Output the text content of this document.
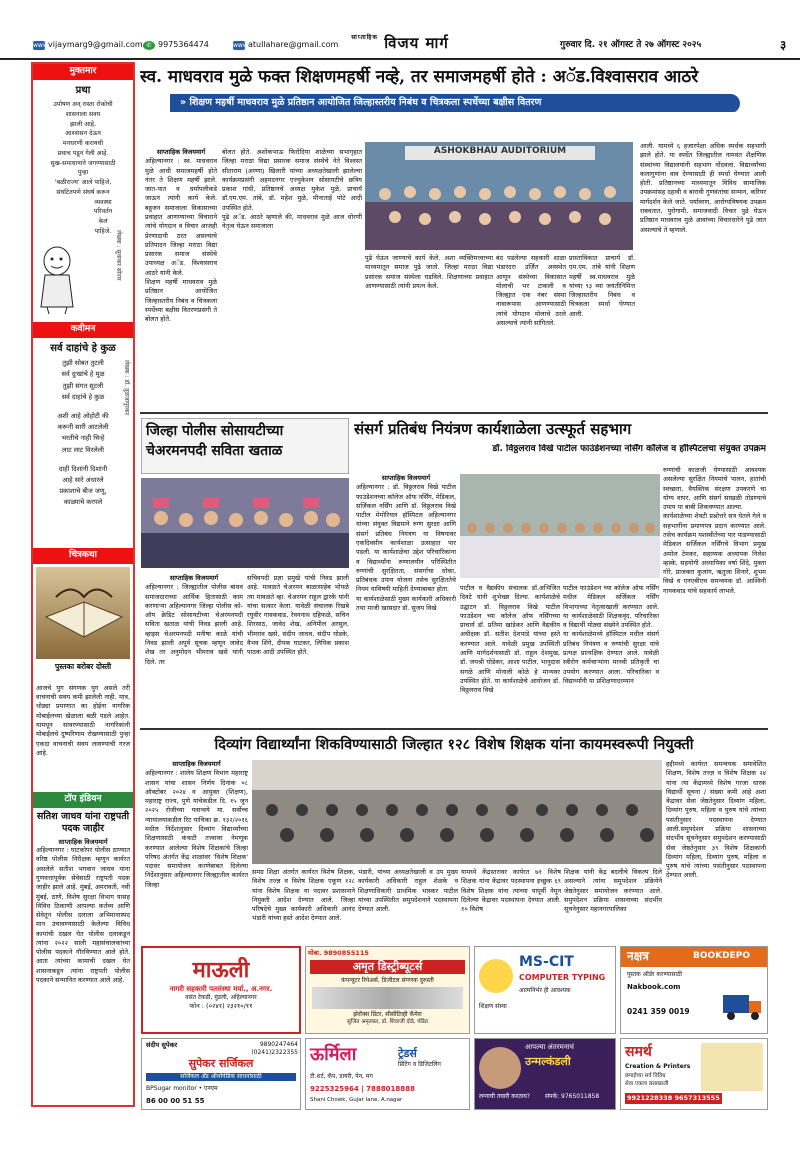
www vijaymarg9@gmail.com ✆ 9975364474	www atullahare@gmail.com
$^{साप्ताहिक}$ विजय मार्ग	गुरुवार दि. २१ ऑगस्ट ते २७ ऑगस्ट २०२५	३
मुक्तमार
प्रथा
उपोषण अन् रास्ता रोकोची
शासनाला सवय
झाली आहे,
आश्वासन देऊन
मनधरणी करायची
प्रथाच पडून गेली आहे.
सुख-समाधानाने जगण्यासाठी
पुन्हा
'बळीराज्य' आले पाहिजे,
संघटितपणे संघर्ष करून
व्यवस्था
परिवर्तन
केलं
पाहिजे. लेखक : सुधाकर सोनार
कवीमन
सर्व दाहांचे हे कुळ
तुझी सोबत तुटली
सर्व दुःखांचे हे मूळ
तुझी संगत सुटली
सर्व दाहांचे हे कुळ
अशी आहे ओहोटी की
करूनी सारी आटलेली
भरतीचे नाही चिन्हे
लाट लाट विरलेली
दाही दिशांनी दिशांनी
आहे सारे अंधारले
प्रकाशाचे बीज जणू,
काळ्याचे करपले
लेखक : डॉ. तुळजापूरकर
चित्रकथा
पुस्तका बरोबर दोस्ती
आजचे युग संगणक युग असले तरी वाचनाची सवय कमी झालेली नाही. मात्र, थोड्या प्रमाणात का होईना नागरिक मोबाईलच्या खेळाला बळी पडले आहेत. यामधून सावरण्यासाठी नागरिकांनी मोबाईलचे दुष्परिणाम रोखण्यासाठी पुन्हा एकदा वाचनाची सवय लावण्याची गरज आहे.
टॉप इंडियन
सतिश जाधव यांना राष्ट्रपती पदक जाहीर
साप्ताहिक विजयमार्ग
अहिल्यानगर : घाटकोपर पोलीस ठाण्यात वरिष्ठ पोलीस निरीक्षक म्हणून कार्यरत असलेले सतीश भगवान जाधव यांना गुणवत्तापूर्वक सेवेसाठी राष्ट्रपती पदक जाहीर झाले आहे. मुंबई, अमरावती, नवी मुंबई, ठाणे, विशेष सुरक्षा विभाग यासह विविध ठिकाणी आपल्या कर्तव्य आणि सेवेतून पोलीस दलाला अभिमानास्पद मान उंचावण्यासाठी केलेल्या विविध कामांची दखल घेत पोलीस दलाकडून त्यांना २०२२ साली महासंचालकांच्या पोलीस पदकाने गौरविण्यात आले होते. आता त्यांच्या कामाची दखल घेत शासनाकडून त्यांना राष्ट्रपती पोलीस पदकाने सन्मानित करण्यात आले आहे.
स्व. माधवराव मुळे फक्त शिक्षणमहर्षी नव्हे, तर समाजमहर्षी होते : अॅड.विश्वासराव आठरे
» शिक्षण महर्षी माधवराव मुळे प्रतिष्ठान आयोजित जिल्हास्तरीय निबंध व चित्रकला स्पर्धेच्या बक्षीस वितरण
साप्ताहिक विजयमार्ग
अहिल्यानगर : स्व. माधवराव मुळे आधी समाजमहर्षी होते नंतर ते शिक्षण महर्षी झाले. जात-पात व धर्मापलीकडे जाऊन त्यांनी कार्य केले. बहुजन समाजाला विकासाच्या प्रवाहात आणण्याच्या विचाराने त्यांचे योगदान व विचार आजही प्रेरणादायी ठरत असल्याचे प्रतिपादन जिल्हा मराठा विद्या प्रसारक समाज संस्थेचे उपाध्यक्ष अॅड. विश्वासराव आठरे यांनी केले.
शिक्षण महर्षी माधवराव मुळे प्रतिष्ठान आयोजित जिल्हास्तरीय निबंध व चित्रकला स्पर्धेच्या बक्षीस वितरणप्रसंगी ते बोलत होते.
बोलत होते. अशोकभाऊ फिरोदिया शाळेच्या सभागृहात जिल्हा मराठा विद्या प्रसारक समाज संस्थेचे नेते विश्वस्त सीताराम (अण्णा) खिलारी यांच्या अध्यक्षतेखाली झालेल्या कार्यक्रमप्रसंगी अहमदनगर एज्युकेशन सोसायटीचे छत्रिय प्रकाश गांधी, प्रतिष्ठानचे अध्यक्ष मुकेश मुळे, प्राचार्य डॉ.एम.एम. तांबे, डॉ. महेश मुळे, मीनाताई पोटे आदी उपस्थित होते.
पुढे अॅड. आठरे म्हणाले की, माधवराव मुळे आज धोरणी नेतृत्व घेऊन समाजाला
ASHOKBHAU AUDITORIUM
पुढे घेऊन जाण्याचे कार्य केले. अशा व्यक्तिमत्त्वाच्या माध्यमातून समाज पुढे जातो. जिल्हा मराठा विद्या प्रसारक समाज संस्थेला घडविले. शिक्षणाच्या प्रवाहात आणण्यासाठी त्यांनी प्रयत्न केले.
बंद पडलेल्या सहकारी शाळा भंडारदरा उर्जित अवस्थेत आणून संस्थेच्या विकासात मोलाची भर टाकली व जिल्ह्यात एक नंबर संस्था नावारूपास आणण्यासाठी त्यांचे योगदान मोलाचे ठरले असल्याचे त्यांनी सांगितले.
प्रास्ताविकात प्राचार्य डॉ. एम.एम. तांबे यांनी शिक्षण महर्षी स्व.माधवराव मुळे यांच्या ९३ व्या जयंतीनिमित्त जिल्हास्तरीय निबंध व चित्रकला स्पर्धा घेण्यात आली.
आली. यामध्ये ६ हजारपेक्षा अधिक स्पर्धक सहभागी झाले होते. या स्पर्धेत जिल्ह्यातील नामवंत शैक्षणिक संस्थांच्या विद्यालयांनी सहभाग नोंदवला. विद्यार्थ्यांच्या कलागुणांना वाव देण्यासाठी ही स्पर्धा घेण्यात आली होती. प्रतिष्ठानच्या माध्यमातून विविध सामाजिक उपक्रमांसह दहावी व बारावी गुणवंतांचा सन्मान, करियर मार्गदर्शन केले जाते. पर्यावरण, आरोग्यविषयक उपक्रम राबवतात, पुरोगामी, समाजवादी विचार पुढे घेऊन प्रतिष्ठान माधवराव मुळे आवांच्या विचारधारेने पुढे जात असल्याचे ते म्हणाले.
जिल्हा पोलीस सोसायटीच्या चेअरमनपदी सविता खताळ
साप्ताहिक विजयमार्ग
अहिल्यानगर : जिल्ह्यातील पोलीस बांधव समाजदाराच्या आर्थिक हितासाठी काम करणाऱ्या अहिल्यानगर जिल्हा पोलीस को-ऑप क्रेडिट सोसायटीच्या चेअरमनपदी सविता खताळ यांची निवड झाली आहे. व्हाइस चेअरमनपदी मनीषा काळे यांची निवड झाली अपूर्व सूचक म्हणून जावेद शेख तर अनुमोदन भीमराव खसे यांनी दिले. तर
सचिवपदी प्रज्ञा प्रमुखे यांची निवड झाली आहे. मावळते चेअरमन बाळासाहेब भोपळे त्या मावळते व्हा. चेअरमन राहुल द्वारके यांनी यांचा सत्कार केला. यावेळी संचालक रिखबे रघुवीर गावकवाड, रेवननाथ दहिफळे, सचिन शिरसाठ, जावेद शेख, अनिमील अरसुल, भीमराव खसे, संदीप जाधव, संदीप घोडके, वैभव शिंगे, दीपक घाटकर, लिपिक प्रकाश पाठक आदी उपस्थित होते.
संसर्ग प्रतिबंध नियंत्रण कार्यशाळेला उत्स्फूर्त सहभाग
डॉ. विठ्ठलराव विखे पाटील फाउंडेशनच्या नर्सिंग कॉलेज व हॉस्पिटलचा संयुक्त उपक्रम
साप्ताहिक विजयमार्ग
अहिल्यानगर : डॉ. विठ्ठलराव विखे पाटील फाउंडेशनच्या कॉलेज ऑफ नर्सिंग, मेडिकल, सर्जिकल नर्सिंग आणि डॉ. विठ्ठलराव विखे पाटील मेमोरियल हॉस्पिटल अहिल्यानगर यांच्या संयुक्त विद्यमाने रुग्ण सुरक्षा आणि संसर्ग प्रतिबंध नियंत्रण या विषयावर एकदिवसीय कार्यशाळा उत्साहात पार पडली. या कार्यशाळेचा उद्देश परिचारिकांना व विद्यार्थ्यांना रुग्णालयीन परिस्थितीत रुग्णांची सुरक्षितता, संसर्गाचा धोका, प्रतिबंधक उपाय योजना तसेच सुरक्षिततेचे नियम याविषयी माहिती देण्याबाबत होता.
या कार्यशाळेसाठी मुख्य कार्यकारी अधिकारी तथा माजी खासदार डॉ. सुजय विखे
पाटील व वैद्यकीय संचालक डॉ.अभिजित दिवटे यांनी शुभेच्छा दिल्या. कार्यशाळेचे उद्घाटन डॉ. विठ्ठलराव विखे पाटील फाउंडेशन च्या कॉलेज ऑफ नर्सिंगच्या प्राचार्य डॉ. प्रतिमा खांडेकर आणि वैद्यकीय अधीक्षक डॉ. सतीश देशपांडे यांच्या हस्ते करण्यात आले. यावेळी प्रमुख उपस्थिती आणि मार्गदर्शनासाठी डॉ. राहुल देशमुख, डॉ. जयश्री घोडेकर, आशा पाटील, भानुदास सगळे आणि मोनाली कोळे हे मान्यवर उपस्थित होते. या कार्यशाळेचे आयोजन डॉ. विठ्ठलराव विखे
पाटील फाउंडेशन च्या कॉलेज ऑफ नर्सिंग मधील मेडिकल सर्जिकल नर्सिंग विभागाच्या नेतृत्वाखाली करण्यात आले. या कार्यशाळेसाठी शिक्षकवृंद, परिचारिका व विद्यार्थी मोठ्या संख्येने उपस्थित होते.
या कार्यशाळेमध्ये हॉस्पिटल मधील संसर्ग प्रतिबंध नियंत्रण व रुग्णांची सुरक्षा यांचे प्रत्यक्ष प्रात्यक्षिक देण्यात आले. यावेळी स्त्रीरोग कर्मचाऱ्यांना मानवी प्रतिकृती चा उपयोग करण्यात आला. परिचारिका व विद्यार्थ्यांनी या प्रशिक्षणादरम्यान
रुग्णांची काळजी घेण्यासाठी आवश्यक असलेल्या सुरक्षित नियमांचे पालन, हातांची स्वच्छता, वैयक्तिक संरक्षण उपकरणे चा योग्य वापर, आणि संसर्ग साखळी तोडण्याचे उपाय या बाबी शिकवण्यात आल्या.
कार्यशाळेच्या शेवटी प्रश्नोत्तरे सत्र घेतले गेले व सहभागींना प्रमाणपत्र प्रदान करण्यात आले. तसेच कार्यक्रम यशस्वीतेच्या पार पाडण्यासाठी मेडिकल सर्जिकल नर्सिंगचे विभाग प्रमुख अमोल टेमकर, सहाय्यक अध्यापक निलेश म्हस्के, सहयोगी अध्यापिका वर्षा शिंदे, मुक्ता गोरे, प्राजक्ता कुलांग, ऋतुजा शिनारे, शुभम विखे व एनएबीएच समन्वयक डॉ. आश्विनी गायकवाड यांचे सहकार्य लाभले.
दिव्यांग विद्यार्थ्यांना शिकविण्यासाठी जिल्हात १२८ विशेष शिक्षक यांना कायमस्वरूपी नियुक्ती
साप्ताहिक विजयमार्ग
अहिल्यानगर : शालेय शिक्षण विभाग महाराष्ट्र शासन यांचा शासन निर्णय दिनांक ०८ ऑक्टोबर २०२४ व आयुक्त (शिक्षण), महाराष्ट्र राज्य, पुणे यांचेकडील दि. १५ जुन २०२५ रोजीच्या पत्रान्वये मा. सर्वोच्च न्यायालयाकडील रिट याचिका क्र. १३२/२०१६ मधील निर्देशानुसार दिव्यांग विद्यार्थ्यांच्या शिक्षणासाठी कंत्राटी तत्त्वावर नेमणूक करण्यात आलेल्या विशेष शिक्षकांचे जिल्हा परिषद अंतर्गत केंद्र शाळांवर 'विशेष शिक्षक' पदावर समायोजन करणेबाबत दिलेल्या निर्देशानुसार अहिल्यानगर जिल्ह्यातील कार्यरत जिल्हा
समग्र शिक्षा अंतर्गत कार्यरत विशेष शिक्षक, विशेष तज्ज्ञ व विशेष शिक्षक एकूण १२८ यांना विशेष शिक्षक या पदावर प्रशासनाने नियुक्ती आदेश देण्यात आले. जिल्हा परिषदेचे मुख्य कार्यकारी अधिकारी आनंद भंडारी यांच्या हस्ते आदेश देण्यात आले.
भंडारी, यांच्या अध्यक्षतेखाली व उप मुख्य कार्यकारी अधिकारी राहुल शेळके व शिक्षणाधिकारी प्राथमिक भास्कर पाटील यांच्या उपस्थितीत समुपदेशनाने पदस्थापना देण्यात आली.
यामध्ये केंद्रस्तरावर कार्यरत ७१ विशेष शिक्षक यांना केंद्रावर पदस्थापना इच्छुक ६९ विशेष शिक्षक यांना त्यांच्या यापूर्वी नेमून दिलेल्या केंद्रावर पदस्थापना देण्यात आली. १० विशेष
शिक्षक यांनी केंद्र बदलीचे विकल्प दिले असल्याने त्यांना समुपदेशन प्रक्रियेने जेष्ठतेनुसार समायोजन करण्यात आले. समुपदेशन प्रक्रिया शासनाच्या संदर्भीय सूचनेनुसार महानगरपालिका
हद्दीमध्ये कार्यरत समन्वयक समावेशित शिक्षण, विशेष तज्ज्ञ व विशेष शिक्षक २४ यांना त्या केंद्रामध्ये विशेष गरजा धारक विद्यार्थी सूचना / संख्या कमी आहे अशा केंद्रावर सेवा जेष्ठतेनुसार दिव्यांग महिला, दिव्यांग पुरुष, महिला व पुरुष यांचे त्यांच्या पसंतीनुसार पदस्थापना देण्यात आली.समुपदेशन प्रक्रिया शासनाच्या संदर्भीय सूचनेनुसार समुपदेशन करण्यासाठी सेवा जेष्ठतेनुसार ३९ विशेष शिक्षकांनी दिव्यांग महिला, दिव्यांग पुरुष, महिला व पुरुष यांचे त्यांच्या पसंतीनुसार पदस्थापना देण्यात आली.
माऊली
नागरी सहकारी पतसंस्था मर्या., अ.नगर.
वसंत टेकडी, मुंडली, अहिल्यानगर
फोन : (०२४१) २३२१०/११
मोबा. 9890855115
अमृत डिस्ट्रीब्यूटर्स
कंपन्यूटर रिपेअर्स, डिजीटल संगणक दुरुस्ती
झेरॉक्स प्रिंटर, सीसीटिव्ही कॅमेरा
सुजित अमृतकर, डॉ. शिवाजी दोडे, पंडित
MS-CIT
COMPUTER TYPING
आत्मनिर्भर ही आवश्यक
शिक्षण संस्था
नक्षत्र	BOOKDEPO
पुस्तक ऑर्डर करण्यासाठी
Nakbook.com
0241 359 0019
संदीप सुपेकर	9890247464 (0241)2322355
सुपेकर सर्जिकल
सर्जिकल अँड ऑर्थोपेडिक साधनांसाठी
BPSugar monitor • एनएम
86 00 00 51 55
ऊर्मिला	ट्रेडर्स
प्रिंटिंग व डिजिटलिंग
टी.शर्ट, कॅप, डायरी, पेन, मग
9225325964 | 7888018888
Shani Chowk, Gujar lane, A.nagar
आपल्या अंतरमनाचं
उन्मल्कंडली
लग्नाची तयारी करताय?	संपर्क: 9765011858
समर्थ
Creation & Printers
छपाईच्या सर्व विविध
सेवा एकाच छताखाली
9921228338 9657313555
